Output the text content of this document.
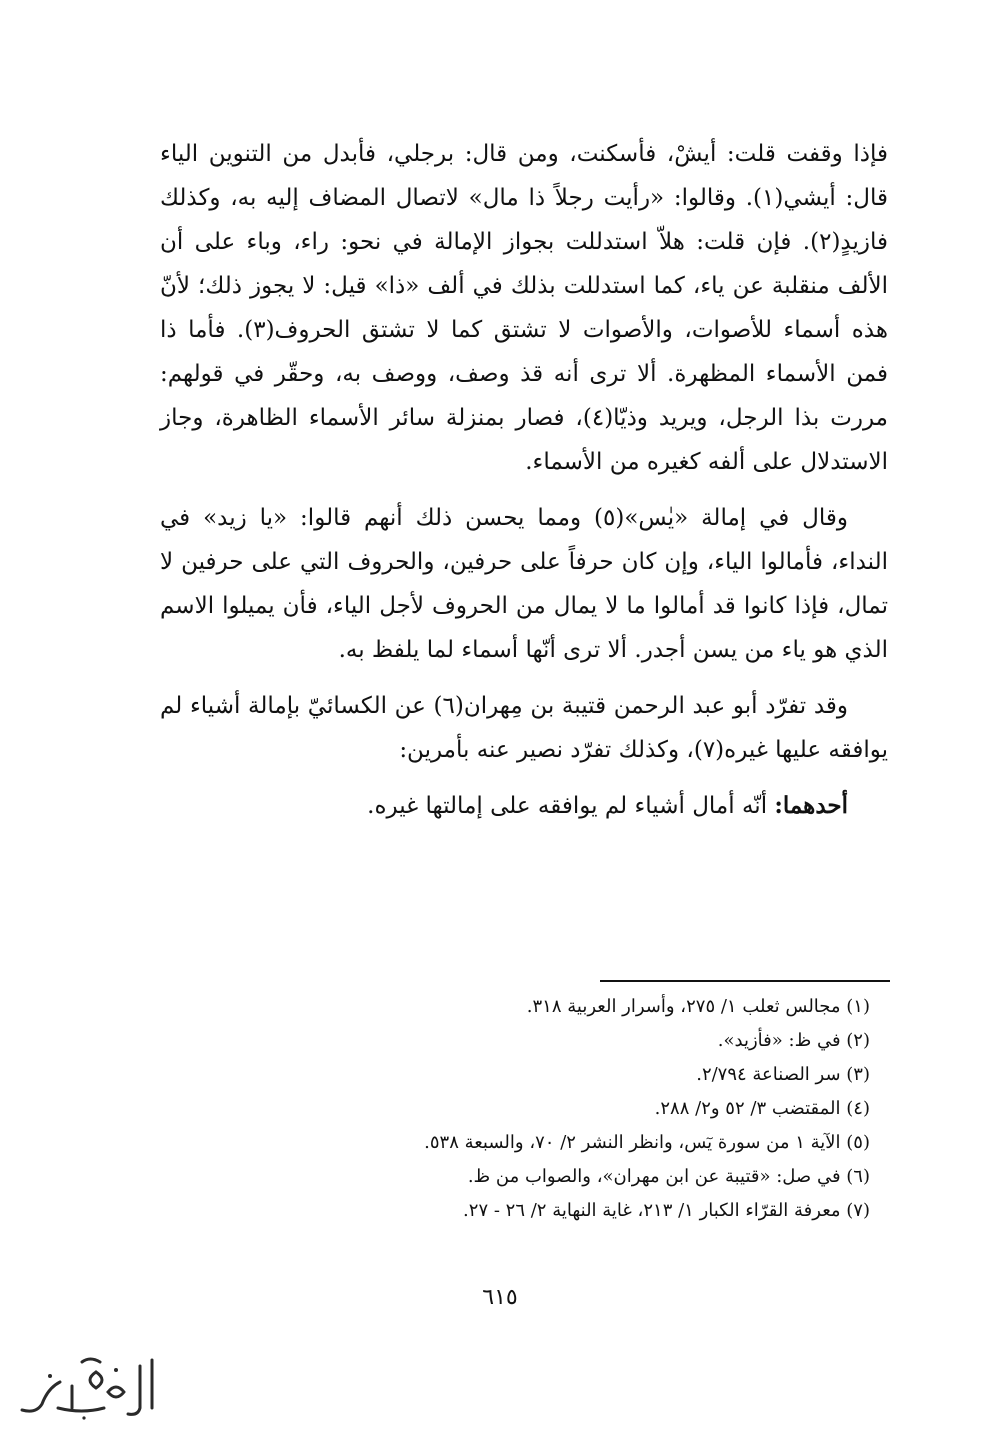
فإذا وقفت قلت: أيشْ، فأسكنت، ومن قال: برجلي، فأبدل من التنوين الياء قال: أيشي(١). وقالوا: «رأيت رجلاً ذا مال» لاتصال المضاف إليه به، وكذلك فازيدٍ(٢). فإن قلت: هلاّ استدللت بجواز الإمالة في نحو: راء، وباء على أن الألف منقلبة عن ياء، كما استدللت بذلك في ألف «ذا» قيل: لا يجوز ذلك؛ لأنّ هذه أسماء للأصوات، والأصوات لا تشتق كما لا تشتق الحروف(٣). فأما ذا فمن الأسماء المظهرة. ألا ترى أنه قذ وصف، ووصف به، وحقّر في قولهم: مررت بذا الرجل، ويريد وذيّا(٤)، فصار بمنزلة سائر الأسماء الظاهرة، وجاز الاستدلال على ألفه كغيره من الأسماء.

وقال في إمالة «يٰس»(٥) ومما يحسن ذلك أنهم قالوا: «يا زيد» في النداء، فأمالوا الياء، وإن كان حرفاً على حرفين، والحروف التي على حرفين لا تمال، فإذا كانوا قد أمالوا ما لا يمال من الحروف لأجل الياء، فأن يميلوا الاسم الذي هو ياء من يسن أجدر. ألا ترى أنّها أسماء لما يلفظ به.

وقد تفرّد أبو عبد الرحمن قتيبة بن مِهران(٦) عن الكسائيّ بإمالة أشياء لم يوافقه عليها غيره(٧)، وكذلك تفرّد نصير عنه بأمرين:

أحدهما: أنّه أمال أشياء لم يوافقه على إمالتها غيره.

(١) مجالس ثعلب ١/ ٢٧٥، وأسرار العربية ٣١٨.

(٢) في ظ: «فأزيد».

(٣) سر الصناعة ٢/٧٩٤.

(٤) المقتضب ٣/ ٥٢ و٢/ ٢٨٨.

(٥) الآية ١ من سورة يٓس، وانظر النشر ٢/ ٧٠، والسبعة ٥٣٨.

(٦) في صل: «قتيبة عن ابن مهران»، والصواب من ظ.

(٧) معرفة القرّاء الكبار ١/ ٢١٣، غاية النهاية ٢/ ٢٦ - ٢٧.

٦١٥
